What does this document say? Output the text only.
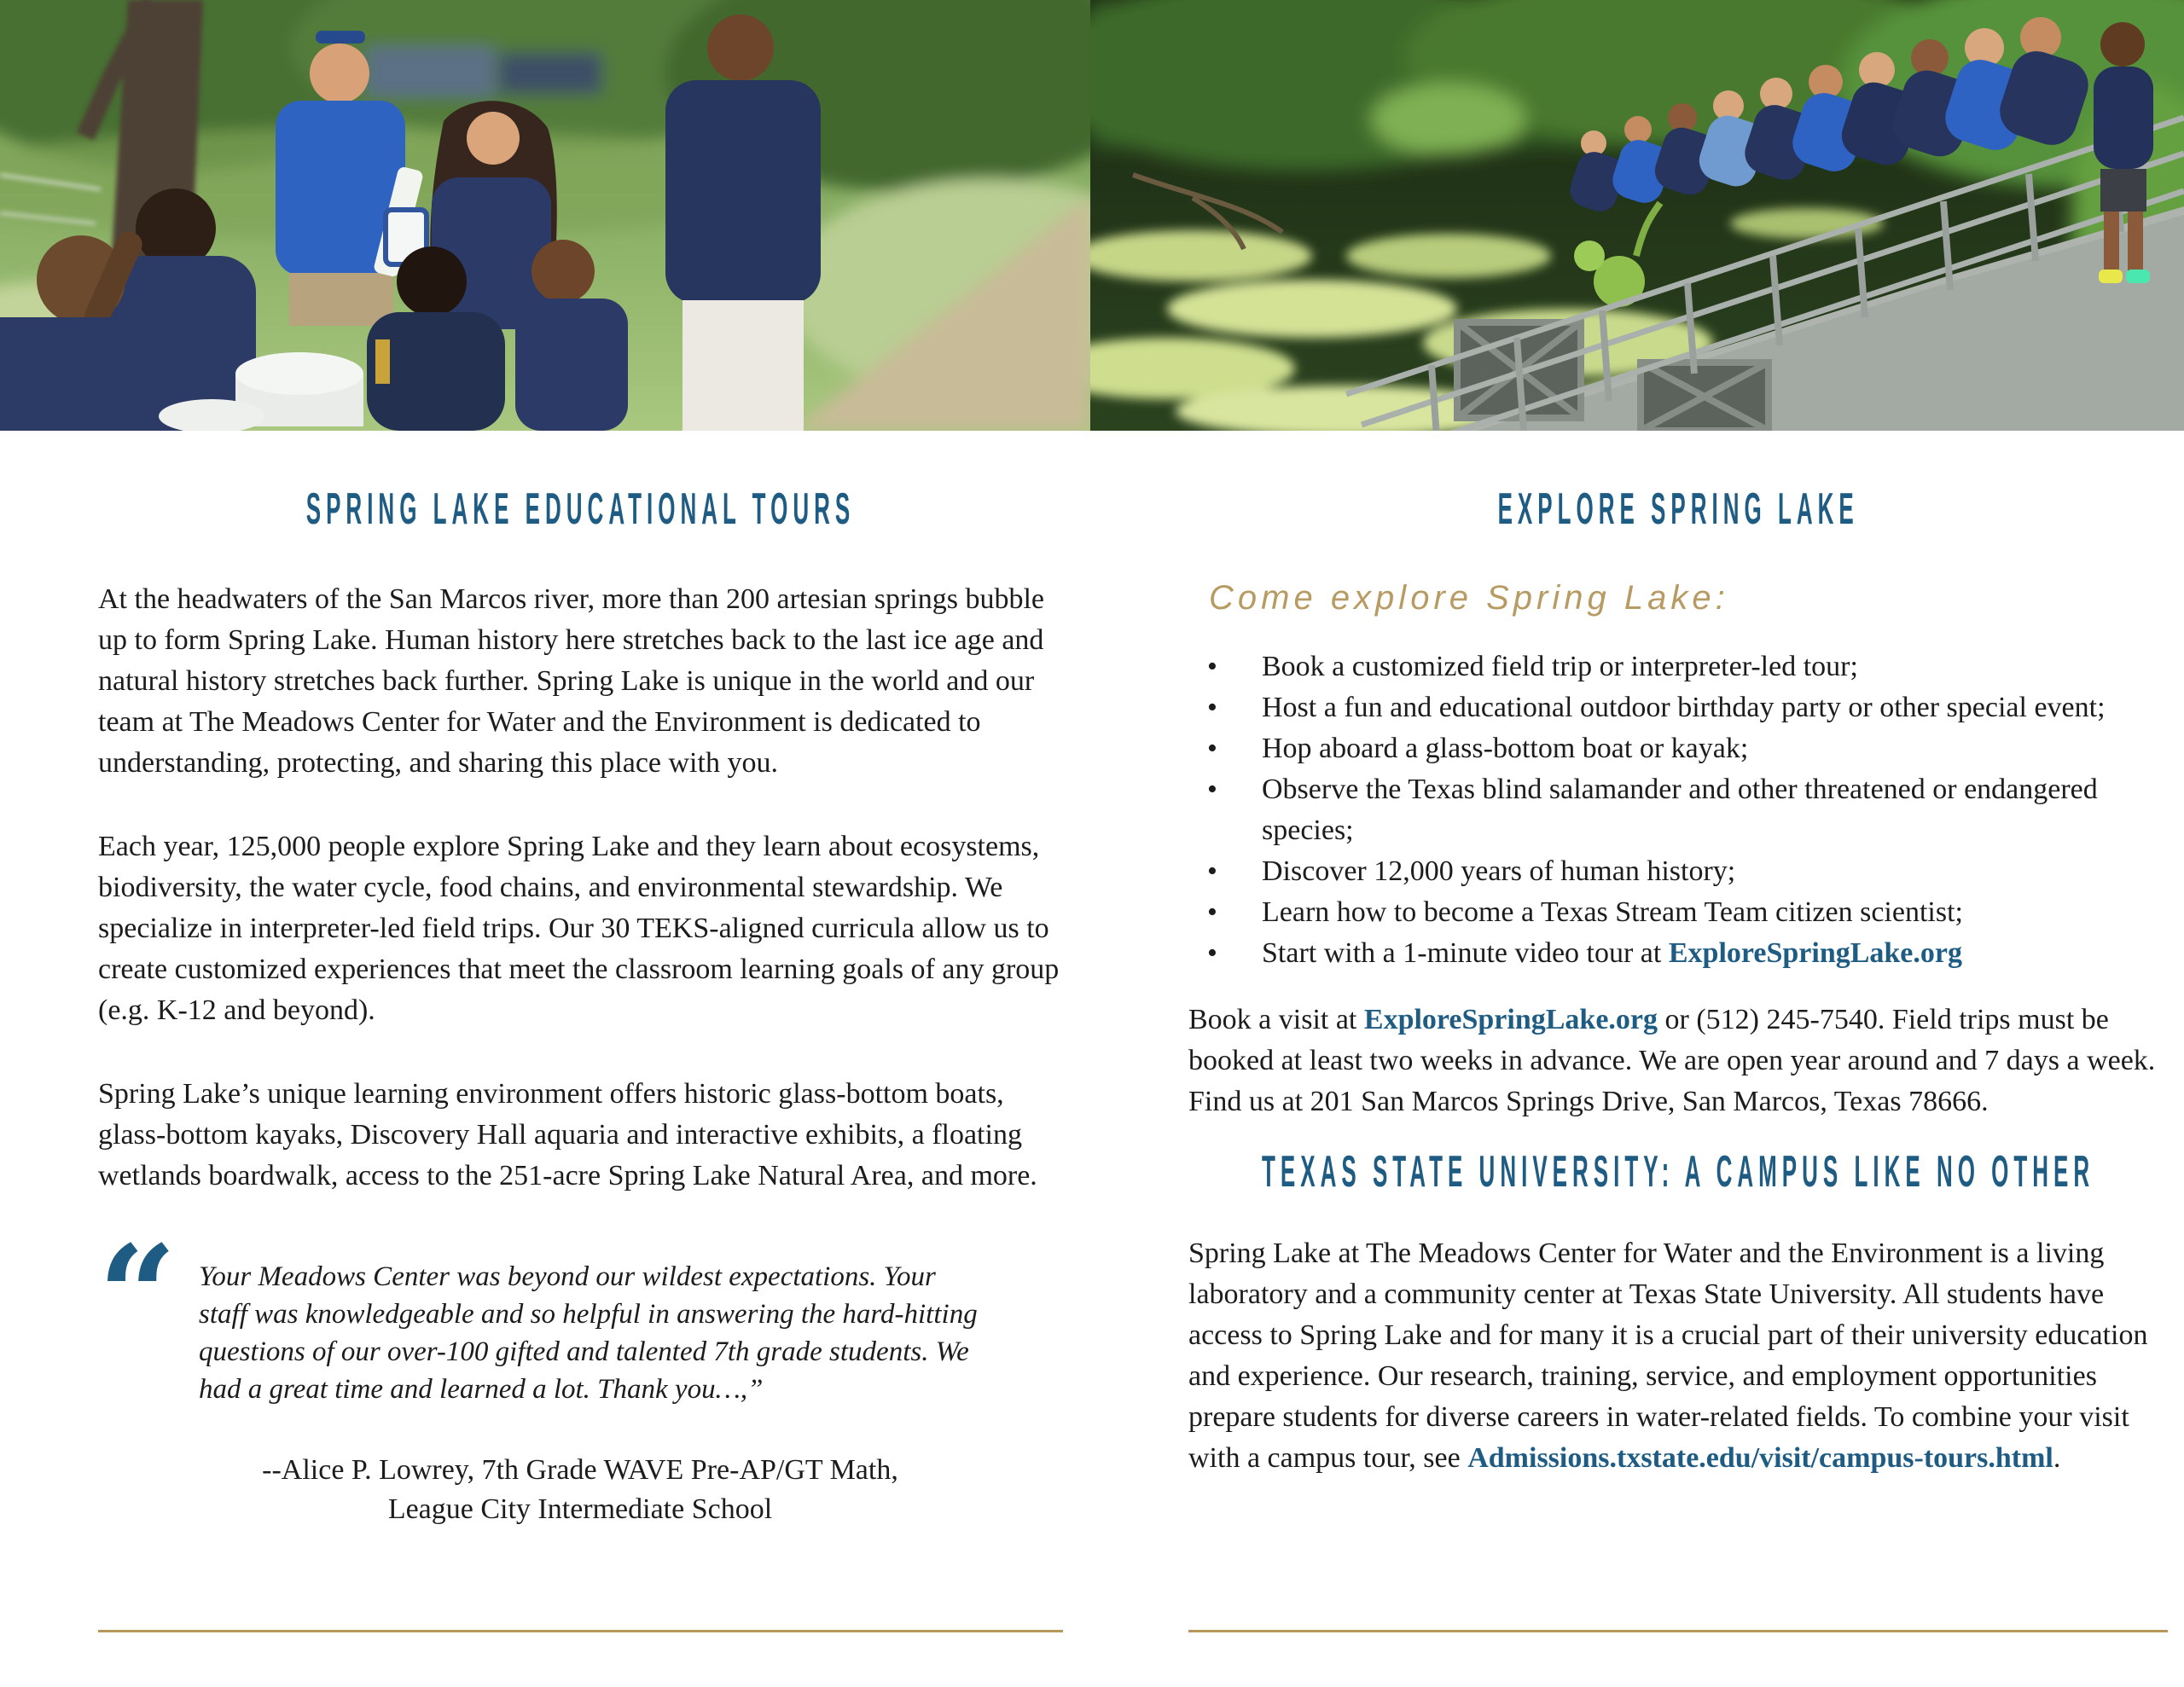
SPRING LAKE EDUCATIONAL TOURS

At the headwaters of the San Marcos river, more than 200 artesian springs bubble up to form Spring Lake. Human history here stretches back to the last ice age and natural history stretches back further. Spring Lake is unique in the world and our team at The Meadows Center for Water and the Environment is dedicated to understanding, protecting, and sharing this place with you.

Each year, 125,000 people explore Spring Lake and they learn about ecosystems, biodiversity, the water cycle, food chains, and environmental stewardship. We specialize in interpreter-led field trips. Our 30 TEKS-aligned curricula allow us to create customized experiences that meet the classroom learning goals of any group (e.g. K-12 and beyond).

Spring Lake’s unique learning environment offers historic glass-bottom boats, glass-bottom kayaks, Discovery Hall aquaria and interactive exhibits, a floating wetlands boardwalk, access to the 251-acre Spring Lake Natural Area, and more.

“ Your Meadows Center was beyond our wildest expectations. Your staff was knowledgeable and so helpful in answering the hard-hitting questions of our over-100 gifted and talented 7th grade students. We had a great time and learned a lot. Thank you…,”
--Alice P. Lowrey, 7th Grade WAVE Pre-AP/GT Math,
League City Intermediate School
EXPLORE SPRING LAKE
Come explore Spring Lake:
• Book a customized field trip or interpreter-led tour;
• Host a fun and educational outdoor birthday party or other special event;
• Hop aboard a glass-bottom boat or kayak;
• Observe the Texas blind salamander and other threatened or endangered species;
• Discover 12,000 years of human history;
• Learn how to become a Texas Stream Team citizen scientist;
• Start with a 1-minute video tour at ExploreSpringLake.org

Book a visit at ExploreSpringLake.org or (512) 245-7540. Field trips must be booked at least two weeks in advance. We are open year around and 7 days a week. Find us at 201 San Marcos Springs Drive, San Marcos, Texas 78666.

TEXAS STATE UNIVERSITY: A CAMPUS LIKE NO OTHER

Spring Lake at The Meadows Center for Water and the Environment is a living laboratory and a community center at Texas State University. All students have access to Spring Lake and for many it is a crucial part of their university education and experience. Our research, training, service, and employment opportunities prepare students for diverse careers in water-related fields. To combine your visit with a campus tour, see Admissions.txstate.edu/visit/campus-tours.html.
